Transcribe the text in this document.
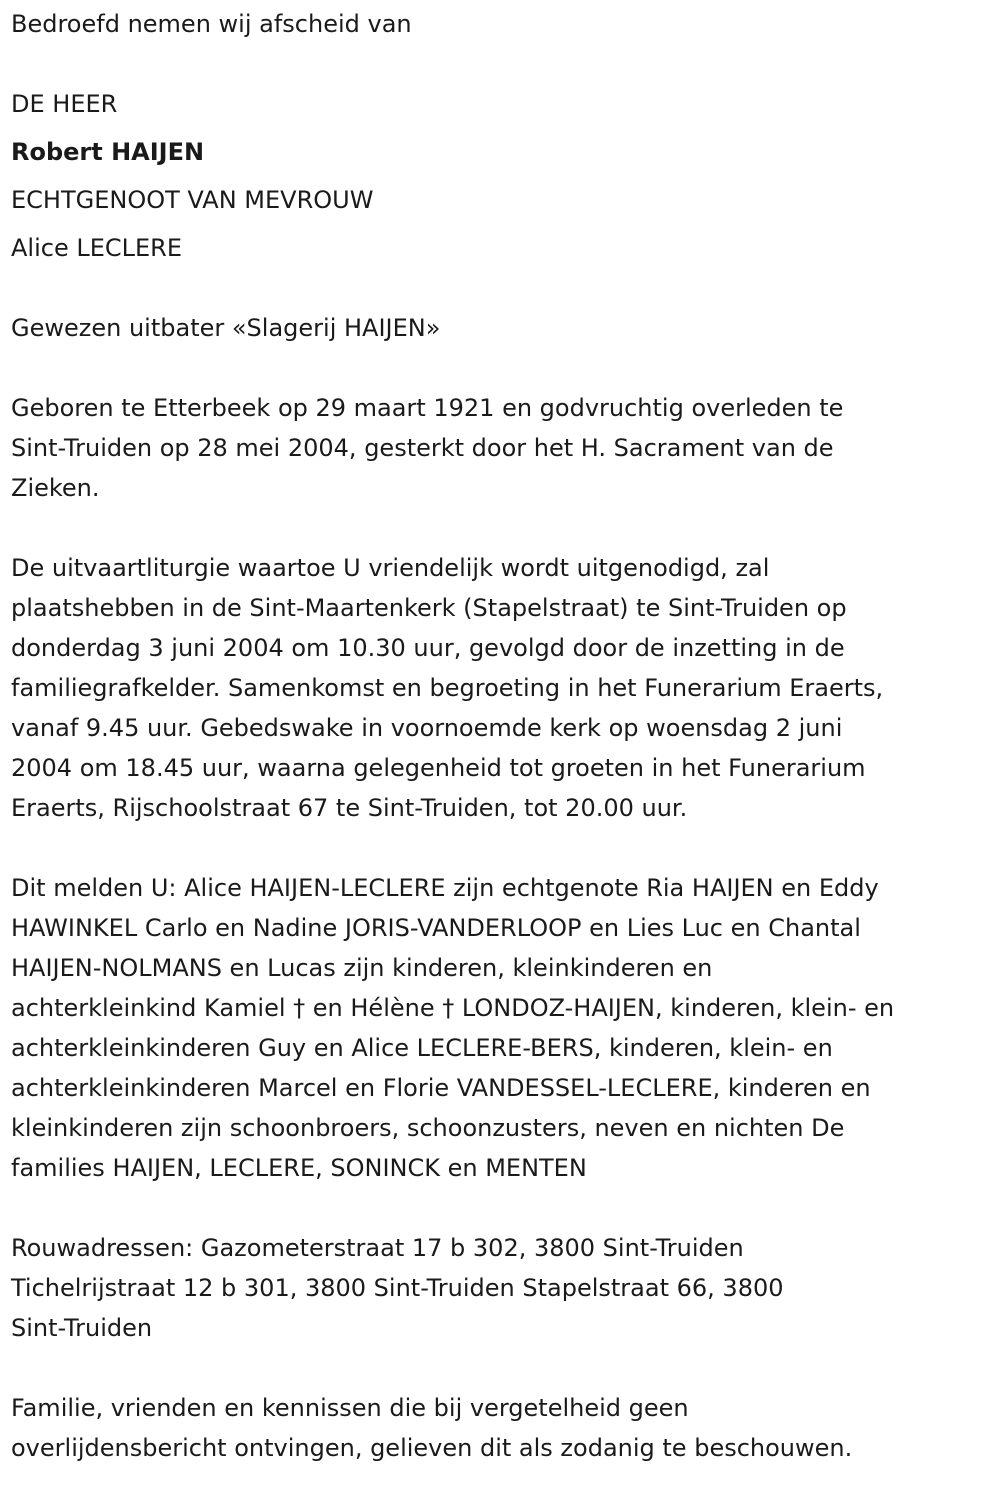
Bedroefd nemen wij afscheid van

DE HEER

Robert HAIJEN

ECHTGENOOT VAN MEVROUW

Alice LECLERE

Gewezen uitbater «Slagerij HAIJEN»

Geboren te Etterbeek op 29 maart 1921 en godvruchtig overleden te

Sint-Truiden op 28 mei 2004, gesterkt door het H. Sacrament van de

Zieken.

De uitvaartliturgie waartoe U vriendelijk wordt uitgenodigd, zal

plaatshebben in de Sint-Maartenkerk (Stapelstraat) te Sint-Truiden op

donderdag 3 juni 2004 om 10.30 uur, gevolgd door de inzetting in de

familiegrafkelder. Samenkomst en begroeting in het Funerarium Eraerts,

vanaf 9.45 uur. Gebedswake in voornoemde kerk op woensdag 2 juni

2004 om 18.45 uur, waarna gelegenheid tot groeten in het Funerarium

Eraerts, Rijschoolstraat 67 te Sint-Truiden, tot 20.00 uur.

Dit melden U: Alice HAIJEN-LECLERE zijn echtgenote Ria HAIJEN en Eddy

HAWINKEL Carlo en Nadine JORIS-VANDERLOOP en Lies Luc en Chantal

HAIJEN-NOLMANS en Lucas zijn kinderen, kleinkinderen en

achterkleinkind Kamiel † en Hélène † LONDOZ-HAIJEN, kinderen, klein- en

achterkleinkinderen Guy en Alice LECLERE-BERS, kinderen, klein- en

achterkleinkinderen Marcel en Florie VANDESSEL-LECLERE, kinderen en

kleinkinderen zijn schoonbroers, schoonzusters, neven en nichten De

families HAIJEN, LECLERE, SONINCK en MENTEN

Rouwadressen: Gazometerstraat 17 b 302, 3800 Sint-Truiden

Tichelrijstraat 12 b 301, 3800 Sint-Truiden Stapelstraat 66, 3800

Sint-Truiden

Familie, vrienden en kennissen die bij vergetelheid geen

overlijdensbericht ontvingen, gelieven dit als zodanig te beschouwen.
